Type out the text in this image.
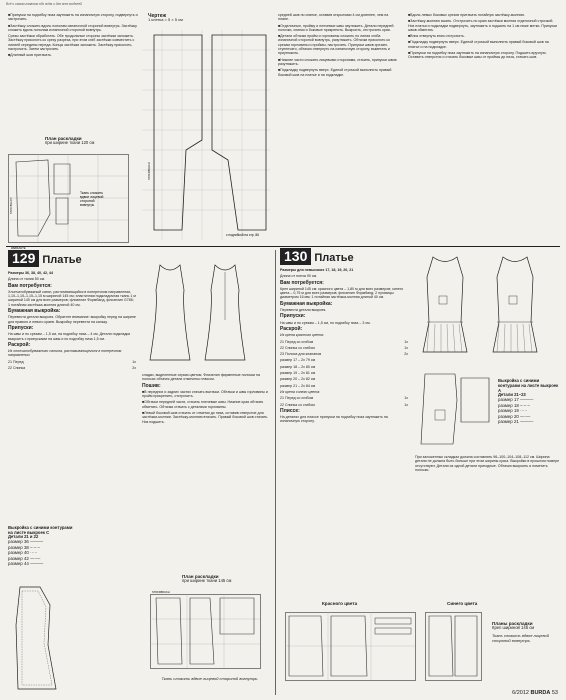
Всё о самом главном обо всём и для всех моделей

■ Припуски на подгибку низа заутюжить на изнаночную сторону, подвернуть и застрочить.

■ Застёжку сложить вдоль пополам изнаночной стороной вовнутрь. Застёжку сложить вдоль пополам изнаночной стороной вовнутрь.

Срезы застёжки обработать. Обе продольные стороны застёжки заложить. Застёжку приколоть ко срезу разреза, при этом сгиб застёжки совместить с линией середины переда. Концы застёжки заложить. Застёжку приколоть, настрочить. Затем застрочить.

■ Длинный шов притачать.

План раскладки
при ширине ткани 120 см
Ткань сложить вдвое лицевой стороной вовнутрь
WEBKANTE
STOFFBRUCH
Чертеж
1 клетка = 5 × 5 см
с подгибкой на стр. 86
STOFFBRUCH

средней шов по спинке, оставив открытыми 4 см длиннее, чем на плане.

■ Отделочные, пройму и плечевые швы заутюжить. Детали передней полочки, спинки и боковые прикрепить. Выкроить, отстрочить края.

■ Детали обтачки пройм и горловины сложить по линии сгиба изнаночной стороной вовнутрь, разутюжить. Обтачки приколоть ко срезам горловины и проймы, настрочить. Припуски швов срезать ступенчато, обтачки отвернуть на изнаночную сторону, выметать и приутюжить.

■ Нижние части сложить лицевыми сторонами, стачать, припуски швов разутюжить.

■ Подкладку подвернуть вверх. Единой строчкой выполнить правый боковой шов на платье и на подкладке.

■ Вдоль левых боковых срезов притачать потайную застёжку-молнию.

■ Застёжку-молнию вшить. Отстрочить по краю застёжки молнии отделочной строчкой. Низ платья и подкладки подвернуть, заутюжить и подшить на 1 см ниже метки. Припуски швов обметать.

■ Вниз отвернуть вниз отстрочить.

■ Подкладку подвернуть вверх. Единой строчкой выполнить правый боковой шов на платье и на подкладке.

■ Припуски на подгибку низа заутюжить на изнаночную сторону. Подшить вручную. Оставить отверстия и стачать боковые швы от проймы до низа, стачать шов.

129 Платье

Размеры 36, 38, 40, 42, 44

Длина от талии 50 см.

Вам потребуется:

Хлопчатобумажный сатин, растягивающийся в поперечном направлении, 1,10–1,15–1,15–1,15 м шириной 145 см; эластичная подкладочная ткань 1 м шириной 140 см для всех размеров; флизелин Формбанд, флизелин G785; 1 потайная застёжка-молния длиной 40 см.

Бумажная выкройка:

Перевести детали выкроек. Обратите внимание: выкройку перед на ширине для правого и левого краев. Выкройку перевести на кальку.

Припуски:

На швы и по срезам – 1,5 см, на подгибку низа – 4 см. Детали подкладки выкроить с припусками на швы и по подгибку низа 1,5 см.

Раскрой:

Из хлопчатобумажного сатина, растягивающегося в поперечном направлении

21 Перед	1x

22 Спинка	2x

Выкройка с синими контурами на листе выкроек С
Детали 21 и 22
размер 36 ———
размер 38 – – –
размер 40 ·····
размер 42 —·—
размер 44 ———

сладки, выделенные серым цветом. Флизелин фирменные полоски на полосах обтачек детали отмечены плюсом.

Пошив:

■ В передних и задних частях стачать вытачки. Обтачки и швы горловины и пройм прикрепить, отстрочить.

■ Обтачки передней части, стачать плечевые швы. Нижние края обтачек обметать. Обтачки стачать с деталями горловины.

■ Левый боковой шов стачать от отметки до низа, оставив отверстие для застёжки-молнии. Застёжку-молнию втачать. Правый боковой шов стачать. Низ подшить.

План раскладки
при ширине ткани 145 см
STOFFBRUCH
Ткань сложить вдвое лицевой стороной вовнутрь.
130 Платье

Размеры для невысоких 17, 18, 19, 20, 21

Длина от плеча 90 см.

Вам потребуется:

Креп шириной 145 см: красного цвета – 1,80 м для всех размеров; синего цвета – 0,75 м для всех размеров; флизелин Формбанд; 2 пуговицы диаметром 16 мм; 1 потайная застёжка-молния длиной 40 см.

Бумажная выкройка:

Перевести детали выкроек.

Припуски:

На швы и по срезам – 1,5 см, по подгибку низа – 3 см.

Раскрой:

Из крепа красного цвета:

21 Перед со сгибом	1x

22 Спинка со сгибом	1x

23 Полоса для клапанов	2x

размер 17 – 2x 79 см

размер 18 – 2x 80 см

размер 19 – 2x 81 см

размер 20 – 2x 82 см

размер 21 – 2x 84 см

Из крепа синего цвета:

21 Перед со сгибом	1x

22 Спинка со сгибом	1x

Плиссе:

На деталях для плиссе припуски на подгибку низа заутюжить на изнаночную сторону.

Выкройка с синими контурами на листе выкроек А
Детали 21–23
размер 17 ———
размер 18 – – –
размер 19 ·····
размер 20 —·—
размер 21 ———

При заложенных складках должна составлять 96–100–104–108–112 см. Ширина детали не должна быть больше при этом ширины куска. Выкройки в прошлом номере отсутствуют. Детали из одной детали пригодные. Обтачки выкроить и пометить полоски.

Красного цвета	Синего цвета
Планы раскладки
Креп шириной 145 см
Ткань сложить вдвое лицевой стороной вовнутрь.
6/2012 BURDA 53
